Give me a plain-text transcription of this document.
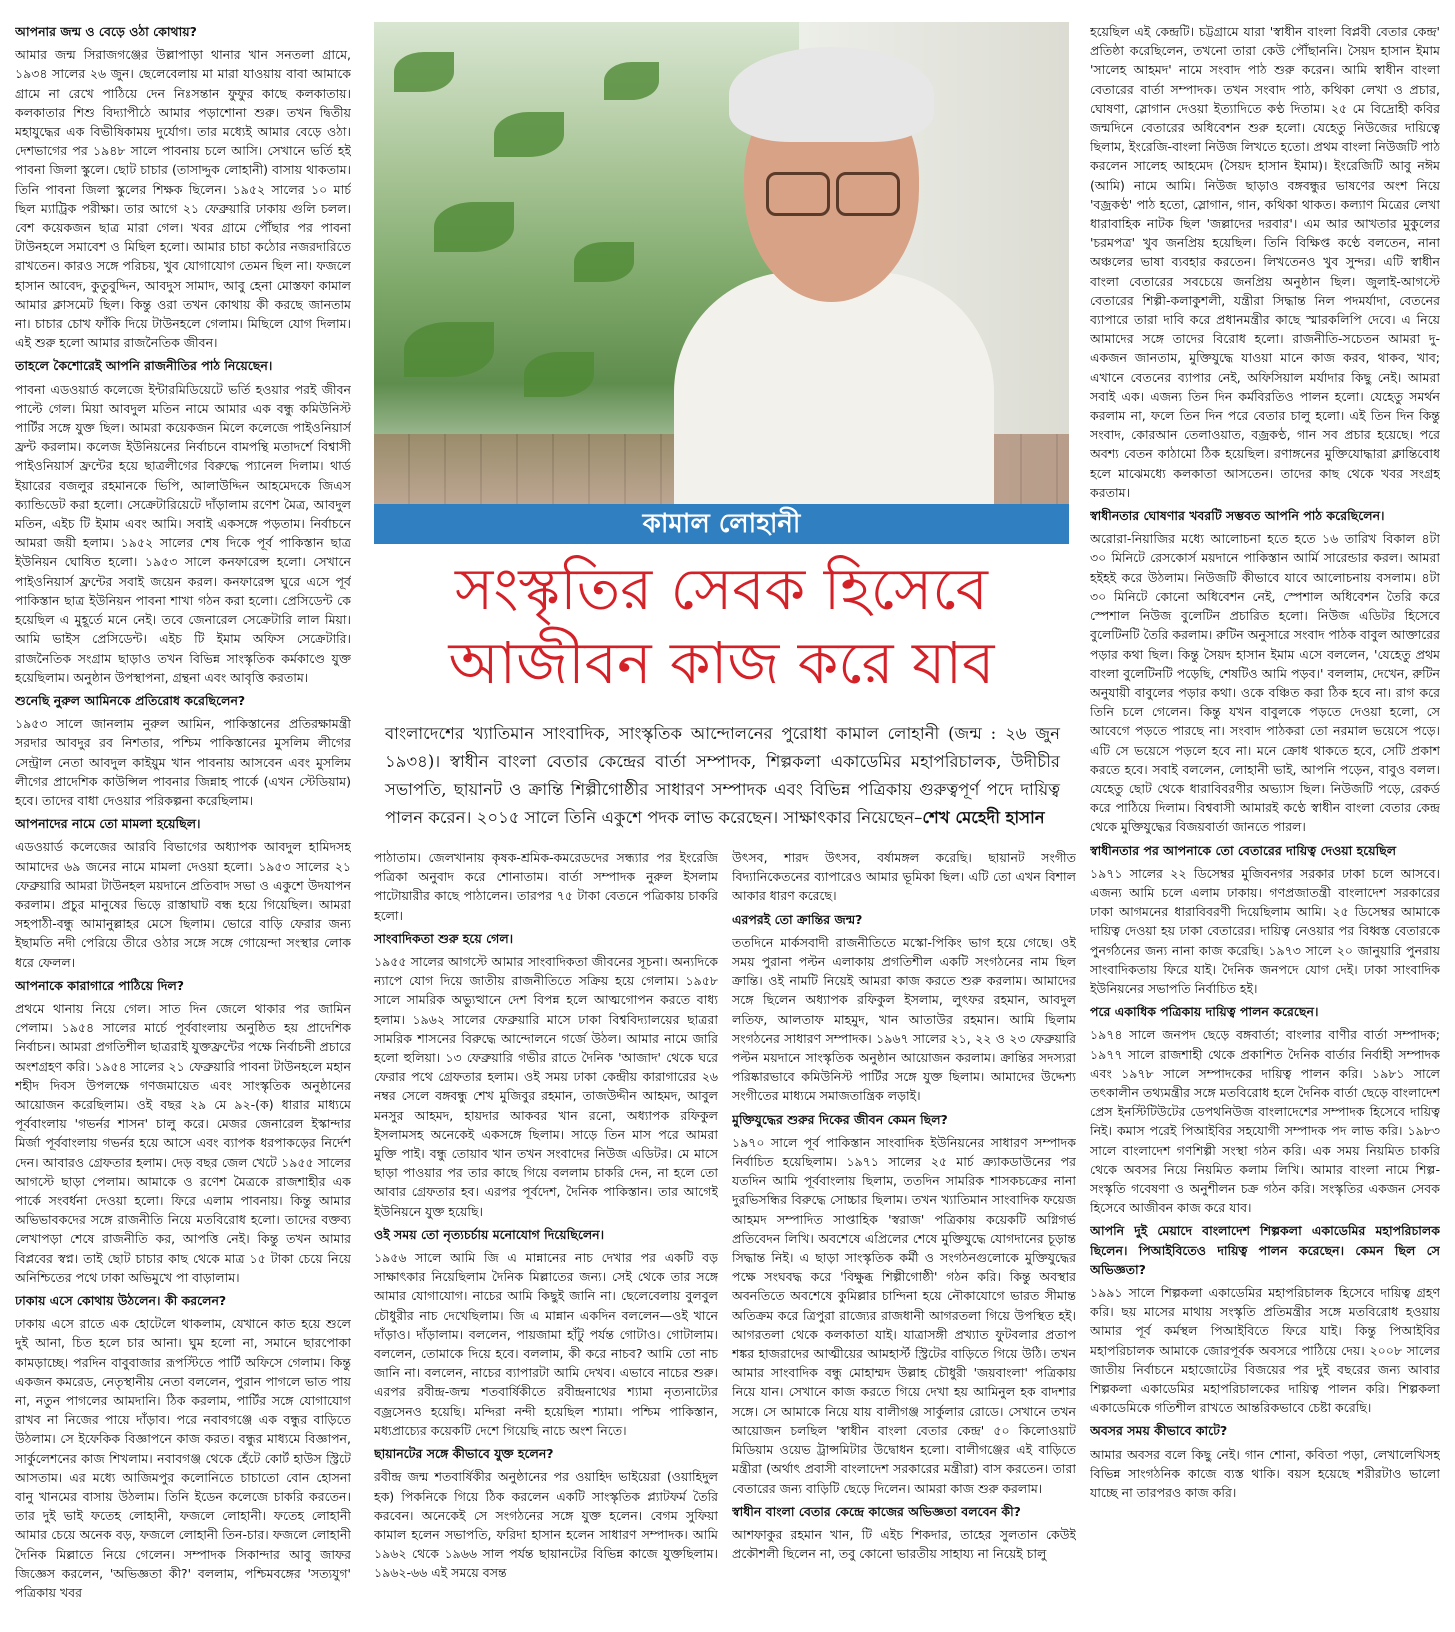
আপনার জন্ম ও বেড়ে ওঠা কোথায়?

আমার জন্ম সিরাজগঞ্জের উল্লাপাড়া থানার খান সনতলা গ্রামে, ১৯৩৪ সালের ২৬ জুন। ছেলেবেলায় মা মারা যাওয়ায় বাবা আমাকে গ্রামে না রেখে পাঠিয়ে দেন নিঃসন্তান ফুফুর কাছে কলকাতায়। কলকাতার শিশু বিদ্যাপীঠে আমার পড়াশোনা শুরু। তখন দ্বিতীয় মহাযুদ্ধের এক বিভীষিকাময় দুর্যোগ। তার মধ্যেই আমার বেড়ে ওঠা। দেশভাগের পর ১৯৪৮ সালে পাবনায় চলে আসি। সেখানে ভর্তি হই পাবনা জিলা স্কুলে। ছোট চাচার (তাসাদ্দুক লোহানী) বাসায় থাকতাম। তিনি পাবনা জিলা স্কুলের শিক্ষক ছিলেন। ১৯৫২ সালের ১০ মার্চ ছিল ম্যাট্রিক পরীক্ষা। তার আগে ২১ ফেব্রুয়ারি ঢাকায় গুলি চলল। বেশ কয়েকজন ছাত্র মারা গেল। খবর গ্রামে পৌঁছার পর পাবনা টাউনহলে সমাবেশ ও মিছিল হলো। আমার চাচা কঠোর নজরদারিতে রাখতেন। কারও সঙ্গে পরিচয়, খুব যোগাযোগ তেমন ছিল না। ফজলে হাসান আবেদ, কুতুবুদ্দিন, আবদুস সামাদ, আবু হেনা মোস্তফা কামাল আমার ক্লাসমেট ছিল। কিন্তু ওরা তখন কোথায় কী করছে জানতাম না। চাচার চোখ ফাঁকি দিয়ে টাউনহলে গেলাম। মিছিলে যোগ দিলাম। এই শুরু হলো আমার রাজনৈতিক জীবন।

তাহলে কৈশোরেই আপনি রাজনীতির পাঠ নিয়েছেন।

পাবনা এডওয়ার্ড কলেজে ইন্টারমিডিয়েটে ভর্তি হওয়ার পরই জীবন পাল্টে গেল। মিয়া আবদুল মতিন নামে আমার এক বন্ধু কমিউনিস্ট পার্টির সঙ্গে যুক্ত ছিল। আমরা কয়েকজন মিলে কলেজে পাইওনিয়ার্স ফ্রন্ট করলাম। কলেজ ইউনিয়নের নির্বাচনে বামপন্থি মতাদর্শে বিশ্বাসী পাইওনিয়ার্স ফ্রন্টের হয়ে ছাত্রলীগের বিরুদ্ধে প্যানেল দিলাম। থার্ড ইয়ারের বজলুর রহমানকে ভিপি, আলাউদ্দিন আহমেদকে জিএস ক্যান্ডিডেট করা হলো। সেক্রেটারিয়েটে দাঁড়ালাম রণেশ মৈত্র, আবদুল মতিন, এইচ টি ইমাম এবং আমি। সবাই একসঙ্গে পড়তাম। নির্বাচনে আমরা জয়ী হলাম। ১৯৫২ সালের শেষ দিকে পূর্ব পাকিস্তান ছাত্র ইউনিয়ন ঘোষিত হলো। ১৯৫৩ সালে কনফারেন্স হলো। সেখানে পাইওনিয়ার্স ফ্রন্টের সবাই জয়েন করল। কনফারেন্স ঘুরে এসে পূর্ব পাকিস্তান ছাত্র ইউনিয়ন পাবনা শাখা গঠন করা হলো। প্রেসিডেন্ট কে হয়েছিল এ মুহূর্তে মনে নেই। তবে জেনারেল সেক্রেটারি লাল মিয়া। আমি ভাইস প্রেসিডেন্ট। এইচ টি ইমাম অফিস সেক্রেটারি। রাজনৈতিক সংগ্রাম ছাড়াও তখন বিভিন্ন সাংস্কৃতিক কর্মকাণ্ডে যুক্ত হয়েছিলাম। অনুষ্ঠান উপস্থাপনা, গ্রন্থনা এবং আবৃত্তি করতাম।

শুনেছি নুরুল আমিনকে প্রতিরোধ করেছিলেন?

১৯৫৩ সালে জানলাম নুরুল আমিন, পাকিস্তানের প্রতিরক্ষামন্ত্রী সরদার আবদুর রব নিশতার, পশ্চিম পাকিস্তানের মুসলিম লীগের সেন্ট্রাল নেতা আবদুল কাইয়ুম খান পাবনায় আসবেন এবং মুসলিম লীগের প্রাদেশিক কাউন্সিল পাবনার জিন্নাহ পার্কে (এখন স্টেডিয়াম) হবে। তাদের বাধা দেওয়ার পরিকল্পনা করেছিলাম।

আপনাদের নামে তো মামলা হয়েছিল।

এডওয়ার্ড কলেজের আরবি বিভাগের অধ্যাপক আবদুল হামিদসহ আমাদের ৬৯ জনের নামে মামলা দেওয়া হলো। ১৯৫৩ সালের ২১ ফেব্রুয়ারি আমরা টাউনহল ময়দানে প্রতিবাদ সভা ও একুশে উদযাপন করলাম। প্রচুর মানুষের ভিড়ে রাস্তাঘাট বন্ধ হয়ে গিয়েছিল। আমরা সহপাঠী-বন্ধু আমানুল্লাহর মেসে ছিলাম। ভোরে বাড়ি ফেরার জন্য ইছামতি নদী পেরিয়ে তীরে ওঠার সঙ্গে সঙ্গে গোয়েন্দা সংস্থার লোক ধরে ফেলল।

আপনাকে কারাগারে পাঠিয়ে দিল?

প্রথমে থানায় নিয়ে গেল। সাত দিন জেলে থাকার পর জামিন পেলাম। ১৯৫৪ সালের মার্চে পূর্ববাংলায় অনুষ্ঠিত হয় প্রাদেশিক নির্বাচন। আমরা প্রগতিশীল ছাত্ররাই যুক্তফ্রন্টের পক্ষে নির্বাচনী প্রচারে অংশগ্রহণ করি। ১৯৫৪ সালের ২১ ফেব্রুয়ারি পাবনা টাউনহলে মহান শহীদ দিবস উপলক্ষে গণজমায়েত এবং সাংস্কৃতিক অনুষ্ঠানের আয়োজন করেছিলাম। ওই বছর ২৯ মে ৯২-(ক) ধারার মাধ্যমে পূর্ববাংলায় 'গভর্নর শাসন' চালু করে। মেজর জেনারেল ইস্কান্দার মির্জা পূর্ববাংলায় গভর্নর হয়ে আসে এবং ব্যাপক ধরপাকড়ের নির্দেশ দেন। আবারও গ্রেফতার হলাম। দেড় বছর জেল খেটে ১৯৫৫ সালের আগস্টে ছাড়া পেলাম। আমাকে ও রণেশ মৈত্রকে রাজশাহীর এক পার্কে সংবর্ধনা দেওয়া হলো। ফিরে এলাম পাবনায়। কিন্তু আমার অভিভাবকদের সঙ্গে রাজনীতি নিয়ে মতবিরোধ হলো। তাদের বক্তব্য লেখাপড়া শেষে রাজনীতি কর, আপত্তি নেই। কিন্তু তখন আমার বিপ্লবের স্বপ্ন। তাই ছোট চাচার কাছ থেকে মাত্র ১৫ টাকা চেয়ে নিয়ে অনিশ্চিতের পথে ঢাকা অভিমুখে পা বাড়ালাম।

ঢাকায় এসে কোথায় উঠলেন। কী করলেন?

ঢাকায় এসে রাতে এক হোটেলে থাকলাম, যেখানে কাত হয়ে শুলে দুই আনা, চিত হলে চার আনা। ঘুম হলো না, সমানে ছারপোকা কামড়াচ্ছে। পরদিন বাবুবাজার রূপস্টিতে পার্টি অফিসে গেলাম। কিন্তু একজন কমরেড, নেতৃস্থানীয় নেতা বললেন, পুরান পাগলে ভাত পায় না, নতুন পাগলের আমদানি। ঠিক করলাম, পার্টির সঙ্গে যোগাযোগ রাখব না নিজের পায়ে দাঁড়াব। পরে নবাবগঞ্জে এক বন্ধুর বাড়িতে উঠলাম। সে ইফেকিক বিজ্ঞাপনে কাজ করত। বন্ধুর মাধ্যমে বিজ্ঞাপন, সার্কুলেশনের কাজ শিখলাম। নবাবগঞ্জ থেকে হেঁটে কোর্ট হাউস স্ট্রিটে আসতাম। এর মধ্যে আজিমপুর কলোনিতে চাচাতো বোন হোসনা বানু খানমের বাসায় উঠলাম। তিনি ইডেন কলেজে চাকরি করতেন। তার দুই ভাই ফতেহ লোহানী, ফজলে লোহানী। ফতেহ লোহানী আমার চেয়ে অনেক বড়, ফজলে লোহানী তিন-চার। ফজলে লোহানী দৈনিক মিল্লাতে নিয়ে গেলেন। সম্পাদক সিকান্দার আবু জাফর জিজ্ঞেস করলেন, 'অভিজ্ঞতা কী?' বললাম, পশ্চিমবঙ্গের 'সত্যযুগ' পত্রিকায় খবর

কামাল লোহানী
সংস্কৃতির সেবক হিসেবে
আজীবন কাজ করে যাব
বাংলাদেশের খ্যাতিমান সাংবাদিক, সাংস্কৃতিক আন্দোলনের পুরোধা কামাল লোহানী (জন্ম : ২৬ জুন ১৯৩৪)। স্বাধীন বাংলা বেতার কেন্দ্রের বার্তা সম্পাদক, শিল্পকলা একাডেমির মহাপরিচালক, উদীচীর সভাপতি, ছায়ানট ও ক্রান্তি শিল্পীগোষ্ঠীর সাধারণ সম্পাদক এবং বিভিন্ন পত্রিকায় গুরুত্বপূর্ণ পদে দায়িত্ব পালন করেন। ২০১৫ সালে তিনি একুশে পদক লাভ করেছেন। সাক্ষাৎকার নিয়েছেন–শেখ মেহেদী হাসান

পাঠাতাম। জেলখানায় কৃষক-শ্রমিক-কমরেডদের সন্ধ্যার পর ইংরেজি পত্রিকা অনুবাদ করে শোনাতাম। বার্তা সম্পাদক নুরুল ইসলাম পাটোয়ারীর কাছে পাঠালেন। তারপর ৭৫ টাকা বেতনে পত্রিকায় চাকরি হলো।

সাংবাদিকতা শুরু হয়ে গেল।

১৯৫৫ সালের আগস্টে আমার সাংবাদিকতা জীবনের সূচনা। অন্যদিকে ন্যাপে যোগ দিয়ে জাতীয় রাজনীতিতে সক্রিয় হয়ে গেলাম। ১৯৫৮ সালে সামরিক অভ্যুত্থানে দেশ বিপন্ন হলে আত্মগোপন করতে বাধ্য হলাম। ১৯৬২ সালের ফেব্রুয়ারি মাসে ঢাকা বিশ্ববিদ্যালয়ের ছাত্ররা সামরিক শাসনের বিরুদ্ধে আন্দোলনে গর্জে উঠল। আমার নামে জারি হলো হুলিয়া। ১৩ ফেব্রুয়ারি গভীর রাতে দৈনিক 'আজাদ' থেকে ঘরে ফেরার পথে গ্রেফতার হলাম। ওই সময় ঢাকা কেন্দ্রীয় কারাগারের ২৬ নম্বর সেলে বঙ্গবন্ধু শেখ মুজিবুর রহমান, তাজউদ্দীন আহমদ, আবুল মনসুর আহমদ, হায়দার আকবর খান রনো, অধ্যাপক রফিকুল ইসলামসহ অনেকেই একসঙ্গে ছিলাম। সাড়ে তিন মাস পরে আমরা মুক্তি পাই। বন্ধু তোয়াব খান তখন সংবাদের নিউজ এডিটর। মে মাসে ছাড়া পাওয়ার পর তার কাছে গিয়ে বললাম চাকরি দেন, না হলে তো আবার গ্রেফতার হব। এরপর পূর্বদেশ, দৈনিক পাকিস্তান। তার আগেই ইউনিয়নে যুক্ত হয়েছি।

ওই সময় তো নৃত্যচর্চায় মনোযোগ দিয়েছিলেন।

১৯৫৬ সালে আমি জি এ মান্নানের নাচ দেখার পর একটি বড় সাক্ষাৎকার নিয়েছিলাম দৈনিক মিল্লাতের জন্য। সেই থেকে তার সঙ্গে আমার যোগাযোগ। নাচের আমি কিছুই জানি না। ছেলেবেলায় বুলবুল চৌধুরীর নাচ দেখেছিলাম। জি এ মান্নান একদিন বললেন—ওই খানে দাঁড়াও। দাঁড়ালাম। বললেন, পায়জামা হাঁটু পর্যন্ত গোটাও। গোটালাম। বললেন, তোমাকে দিয়ে হবে। বললাম, কী করে নাচব? আমি তো নাচ জানি না। বললেন, নাচের ব্যাপারটা আমি দেখব। এভাবে নাচের শুরু। এরপর রবীন্দ্র-জন্ম শতবার্ষিকীতে রবীন্দ্রনাথের শ্যামা নৃত্যনাট্যের বজ্রসেনও হয়েছি। মন্দিরা নন্দী হয়েছিল শ্যামা। পশ্চিম পাকিস্তান, মধ্যপ্রাচ্যের কয়েকটি দেশে গিয়েছি নাচে অংশ নিতে।

ছায়ানটের সঙ্গে কীভাবে যুক্ত হলেন?

রবীন্দ্র জন্ম শতবার্ষিকীর অনুষ্ঠানের পর ওয়াহিদ ভাইয়েরা (ওয়াহিদুল হক) পিকনিকে গিয়ে ঠিক করলেন একটি সাংস্কৃতিক প্ল্যাটফর্ম তৈরি করবেন। অনেকেই সে সংগঠনের সঙ্গে যুক্ত হলেন। বেগম সুফিয়া কামাল হলেন সভাপতি, ফরিদা হাসান হলেন সাধারণ সম্পাদক। আমি ১৯৬২ থেকে ১৯৬৬ সাল পর্যন্ত ছায়ানটের বিভিন্ন কাজে যুক্তছিলাম। ১৯৬২-৬৬ এই সময়ে বসন্ত

উৎসব, শারদ উৎসব, বর্ষামঙ্গল করেছি। ছায়ানট সংগীত বিদ্যানিকেতনের ব্যাপারেও আমার ভূমিকা ছিল। এটি তো এখন বিশাল আকার ধারণ করেছে।

এরপরই তো ক্রান্তির জন্ম?

ততদিনে মার্কসবাদী রাজনীতিতে মস্কো-পিকিং ভাগ হয়ে গেছে। ওই সময় পুরানা পল্টন এলাকায় প্রগতিশীল একটি সংগঠনের নাম ছিল ক্রান্তি। ওই নামটি নিয়েই আমরা কাজ করতে শুরু করলাম। আমাদের সঙ্গে ছিলেন অধ্যাপক রফিকুল ইসলাম, লুৎফর রহমান, আবদুল লতিফ, আলতাফ মাহমুদ, খান আতাউর রহমান। আমি ছিলাম সংগঠনের সাধারণ সম্পাদক। ১৯৬৭ সালের ২১, ২২ ও ২৩ ফেব্রুয়ারি পল্টন ময়দানে সাংস্কৃতিক অনুষ্ঠান আয়োজন করলাম। ক্রান্তির সদস্যরা পরিষ্কারভাবে কমিউনিস্ট পার্টির সঙ্গে যুক্ত ছিলাম। আমাদের উদ্দেশ্য সংগীতের মাধ্যমে সমাজতান্ত্রিক লড়াই।

মুক্তিযুদ্ধের শুরুর দিকের জীবন কেমন ছিল?

১৯৭০ সালে পূর্ব পাকিস্তান সাংবাদিক ইউনিয়নের সাধারণ সম্পাদক নির্বাচিত হয়েছিলাম। ১৯৭১ সালের ২৫ মার্চ ক্র্যাকডাউনের পর যতদিন আমি পূর্ববাংলায় ছিলাম, ততদিন সামরিক শাসকচক্রের নানা দুরভিসন্ধির বিরুদ্ধে সোচ্চার ছিলাম। তখন খ্যাতিমান সাংবাদিক ফয়েজ আহমদ সম্পাদিত সাপ্তাহিক 'স্বরাজ' পত্রিকায় কয়েকটি অগ্নিগর্ভ প্রতিবেদন লিখি। অবশেষে এপ্রিলের শেষে মুক্তিযুদ্ধে যোগদানের চূড়ান্ত সিদ্ধান্ত নিই। এ ছাড়া সাংস্কৃতিক কর্মী ও সংগঠনগুলোকে মুক্তিযুদ্ধের পক্ষে সংঘবদ্ধ করে 'বিক্ষুব্ধ শিল্পীগোষ্ঠী' গঠন করি। কিন্তু অবস্থার অবনতিতে অবশেষে কুমিল্লার চান্দিনা হয়ে নৌকাযোগে ভারত সীমান্ত অতিক্রম করে ত্রিপুরা রাজ্যের রাজধানী আগরতলা গিয়ে উপস্থিত হই। আগরতলা থেকে কলকাতা যাই। যাত্রাসঙ্গী প্রখ্যাত ফুটবলার প্রতাপ শঙ্কর হাজরাদের আত্মীয়ের আমহার্স্ট স্ট্রিটের বাড়িতে গিয়ে উঠি। তখন আমার সাংবাদিক বন্ধু মোহাম্মদ উল্লাহ চৌধুরী 'জয়বাংলা' পত্রিকায় নিয়ে যান। সেখানে কাজ করতে গিয়ে দেখা হয় আমিনুল হক বাদশার সঙ্গে। সে আমাকে নিয়ে যায় বালীগঞ্জ সার্কুলার রোডে। সেখানে তখন আয়োজন চলছিল 'স্বাধীন বাংলা বেতার কেন্দ্র' ৫০ কিলোওয়াট মিডিয়াম ওয়েভ ট্রান্সমিটার উদ্বোধন হলো। বালীগঞ্জের এই বাড়িতে মন্ত্রীরা (অর্থাৎ প্রবাসী বাংলাদেশ সরকারের মন্ত্রীরা) বাস করতেন। তারা বেতারের জন্য বাড়িটি ছেড়ে দিলেন। আমরা কাজ শুরু করলাম।

স্বাধীন বাংলা বেতার কেন্দ্রে কাজের অভিজ্ঞতা বলবেন কী?

আশফাকুর রহমান খান, টি এইচ শিকদার, তাহের সুলতান কেউই প্রকৌশলী ছিলেন না, তবু কোনো ভারতীয় সাহায্য না নিয়েই চালু

হয়েছিল এই কেন্দ্রটি। চট্টগ্রামে যারা 'স্বাধীন বাংলা বিপ্লবী বেতার কেন্দ্র' প্রতিষ্ঠা করেছিলেন, তখনো তারা কেউ পৌঁছাননি। সৈয়দ হাসান ইমাম 'সালেহ আহমদ' নামে সংবাদ পাঠ শুরু করেন। আমি স্বাধীন বাংলা বেতারের বার্তা সম্পাদক। তখন সংবাদ পাঠ, কথিকা লেখা ও প্রচার, ঘোষণা, স্লোগান দেওয়া ইত্যাদিতে কণ্ঠ দিতাম। ২৫ মে বিদ্রোহী কবির জন্মদিনে বেতারের অধিবেশন শুরু হলো। যেহেতু নিউজের দায়িত্বে ছিলাম, ইংরেজি-বাংলা নিউজ লিখতে হতো। প্রথম বাংলা নিউজটি পাঠ করলেন সালেহ আহমেদ (সৈয়দ হাসান ইমাম)। ইংরেজিটি আবু নঈম (আমি) নামে আমি। নিউজ ছাড়াও বঙ্গবন্ধুর ভাষণের অংশ নিয়ে 'বজ্রকণ্ঠ' পাঠ হতো, স্লোগান, গান, কথিকা থাকত। কল্যাণ মিত্রের লেখা ধারাবাহিক নাটক ছিল 'জল্লাদের দরবার'। এম আর আখতার মুকুলের 'চরমপত্র' খুব জনপ্রিয় হয়েছিল। তিনি বিক্ষিপ্ত কণ্ঠে বলতেন, নানা অঞ্চলের ভাষা ব্যবহার করতেন। লিখতেনও খুব সুন্দর। এটি স্বাধীন বাংলা বেতারের সবচেয়ে জনপ্রিয় অনুষ্ঠান ছিল। জুলাই-আগস্টে বেতারের শিল্পী-কলাকুশলী, যন্ত্রীরা সিদ্ধান্ত নিল পদমর্যাদা, বেতনের ব্যাপারে তারা দাবি করে প্রধানমন্ত্রীর কাছে স্মারকলিপি দেবে। এ নিয়ে আমাদের সঙ্গে তাদের বিরোধ হলো। রাজনীতি-সচেতন আমরা দু-একজন জানতাম, মুক্তিযুদ্ধে যাওয়া মানে কাজ করব, থাকব, খাব; এখানে বেতনের ব্যাপার নেই, অফিসিয়াল মর্যাদার কিছু নেই। আমরা সবাই এক। এজন্য তিন দিন কর্মবিরতিও পালন হলো। যেহেতু সমর্থন করলাম না, ফলে তিন দিন পরে বেতার চালু হলো। এই তিন দিন কিন্তু সংবাদ, কোরআন তেলাওয়াত, বজ্রকণ্ঠ, গান সব প্রচার হয়েছে। পরে অবশ্য বেতন কাঠামো ঠিক হয়েছিল। রণাঙ্গনের মুক্তিযোদ্ধারা ক্লান্তিবোধ হলে মাঝেমধ্যে কলকাতা আসতেন। তাদের কাছ থেকে খবর সংগ্রহ করতাম।

স্বাধীনতার ঘোষণার খবরটি সম্ভবত আপনি পাঠ করেছিলেন।

অরোরা-নিয়াজির মধ্যে আলোচনা হতে হতে ১৬ তারিখ বিকাল ৪টা ৩০ মিনিটে রেসকোর্স ময়দানে পাকিস্তান আর্মি সারেন্ডার করল। আমরা হইহই করে উঠলাম। নিউজটি কীভাবে যাবে আলোচনায় বসলাম। ৪টা ৩০ মিনিটে কোনো অধিবেশন নেই, স্পেশাল অধিবেশন তৈরি করে স্পেশাল নিউজ বুলেটিন প্রচারিত হলো। নিউজ এডিটর হিসেবে বুলেটিনটি তৈরি করলাম। রুটিন অনুসারে সংবাদ পাঠক বাবুল আক্তারের পড়ার কথা ছিল। কিন্তু সৈয়দ হাসান ইমাম এসে বললেন, 'যেহেতু প্রথম বাংলা বুলেটিনটি পড়েছি, শেষটিও আমি পড়ব।' বললাম, দেখেন, রুটিন অনুযায়ী বাবুলের পড়ার কথা। ওকে বঞ্চিত করা ঠিক হবে না। রাগ করে তিনি চলে গেলেন। কিন্তু যখন বাবুলকে পড়তে দেওয়া হলো, সে আবেগে পড়তে পারছে না। সংবাদ পাঠকরা তো নরমাল ভয়েসে পড়ে। এটি সে ভয়েসে পড়লে হবে না। মনে ক্রোধ থাকতে হবে, সেটি প্রকাশ করতে হবে। সবাই বললেন, লোহানী ভাই, আপনি পড়েন, বাবুও বলল। যেহেতু ছোট থেকে ধারাবিবরণীর অভ্যাস ছিল। নিউজটি পড়ে, রেকর্ড করে পাঠিয়ে দিলাম। বিশ্ববাসী আমারই কণ্ঠে স্বাধীন বাংলা বেতার কেন্দ্র থেকে মুক্তিযুদ্ধের বিজয়বার্তা জানতে পারল।

স্বাধীনতার পর আপনাকে তো বেতারের দায়িত্ব দেওয়া হয়েছিল

১৯৭১ সালের ২২ ডিসেম্বর মুজিবনগর সরকার ঢাকা চলে আসবে। এজন্য আমি চলে এলাম ঢাকায়। গণপ্রজাতন্ত্রী বাংলাদেশ সরকারের ঢাকা আগমনের ধারাবিবরণী দিয়েছিলাম আমি। ২৫ ডিসেম্বর আমাকে দায়িত্ব দেওয়া হয় ঢাকা বেতারের। দায়িত্ব নেওয়ার পর বিধ্বস্ত বেতারকে পুনর্গঠনের জন্য নানা কাজ করেছি। ১৯৭৩ সালে ২০ জানুয়ারি পুনরায় সাংবাদিকতায় ফিরে যাই। দৈনিক জনপদে যোগ দেই। ঢাকা সাংবাদিক ইউনিয়নের সভাপতি নির্বাচিত হই।

পরে একাধিক পত্রিকায় দায়িত্ব পালন করেছেন।

১৯৭৪ সালে জনপদ ছেড়ে বঙ্গবার্তা; বাংলার বাণীর বার্তা সম্পাদক; ১৯৭৭ সালে রাজশাহী থেকে প্রকাশিত দৈনিক বার্তার নির্বাহী সম্পাদক এবং ১৯৭৮ সালে সম্পাদকের দায়িত্ব পালন করি। ১৯৮১ সালে তৎকালীন তথ্যমন্ত্রীর সঙ্গে মতবিরোধ হলে দৈনিক বার্তা ছেড়ে বাংলাদেশ প্রেস ইনস্টিটিউটের ডেপথনিউজ বাংলাদেশের সম্পাদক হিসেবে দায়িত্ব নিই। কমাস পরেই পিআইবির সহযোগী সম্পাদক পদ লাভ করি। ১৯৮৩ সালে বাংলাদেশ গণশিল্পী সংস্থা গঠন করি। এক সময় নিয়মিত চাকরি থেকে অবসর নিয়ে নিয়মিত কলাম লিখি। আমার বাংলা নামে শিল্প-সংস্কৃতি গবেষণা ও অনুশীলন চক্র গঠন করি। সংস্কৃতির একজন সেবক হিসেবে আজীবন কাজ করে যাব।

আপনি দুই মেয়াদে বাংলাদেশ শিল্পকলা একাডেমির মহাপরিচালক ছিলেন। পিআইবিতেও দায়িত্ব পালন করেছেন। কেমন ছিল সে অভিজ্ঞতা?

১৯৯১ সালে শিল্পকলা একাডেমির মহাপরিচালক হিসেবে দায়িত্ব গ্রহণ করি। ছয় মাসের মাথায় সংস্কৃতি প্রতিমন্ত্রীর সঙ্গে মতবিরোধ হওয়ায় আমার পূর্ব কর্মস্থল পিআইবিতে ফিরে যাই। কিন্তু পিআইবির মহাপরিচালক আমাকে জোরপূর্বক অবসরে পাঠিয়ে দেয়। ২০০৮ সালের জাতীয় নির্বাচনে মহাজোটের বিজয়ের পর দুই বছরের জন্য আবার শিল্পকলা একাডেমির মহাপরিচালকের দায়িত্ব পালন করি। শিল্পকলা একাডেমিকে গতিশীল রাখতে আন্তরিকভাবে চেষ্টা করেছি।

অবসর সময় কীভাবে কাটে?

আমার অবসর বলে কিছু নেই। গান শোনা, কবিতা পড়া, লেখালেখিসহ বিভিন্ন সাংগঠনিক কাজে ব্যস্ত থাকি। বয়স হয়েছে শরীরটাও ভালো যাচ্ছে না তারপরও কাজ করি।
